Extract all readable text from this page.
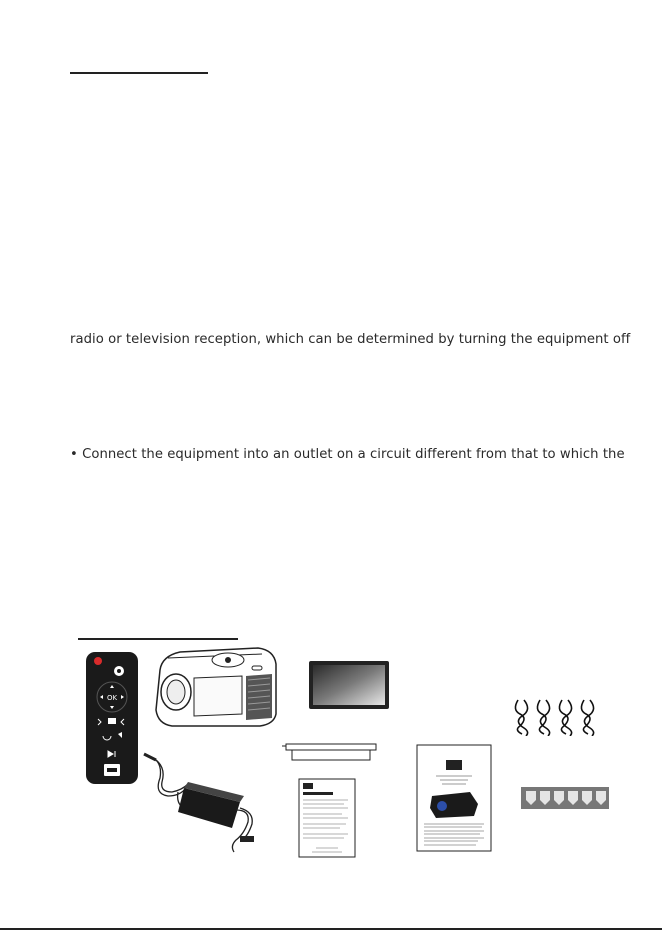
radio or television reception, which can be determined by turning the equipment off
• Connect the equipment into an outlet on a circuit different from that to which the
OK
